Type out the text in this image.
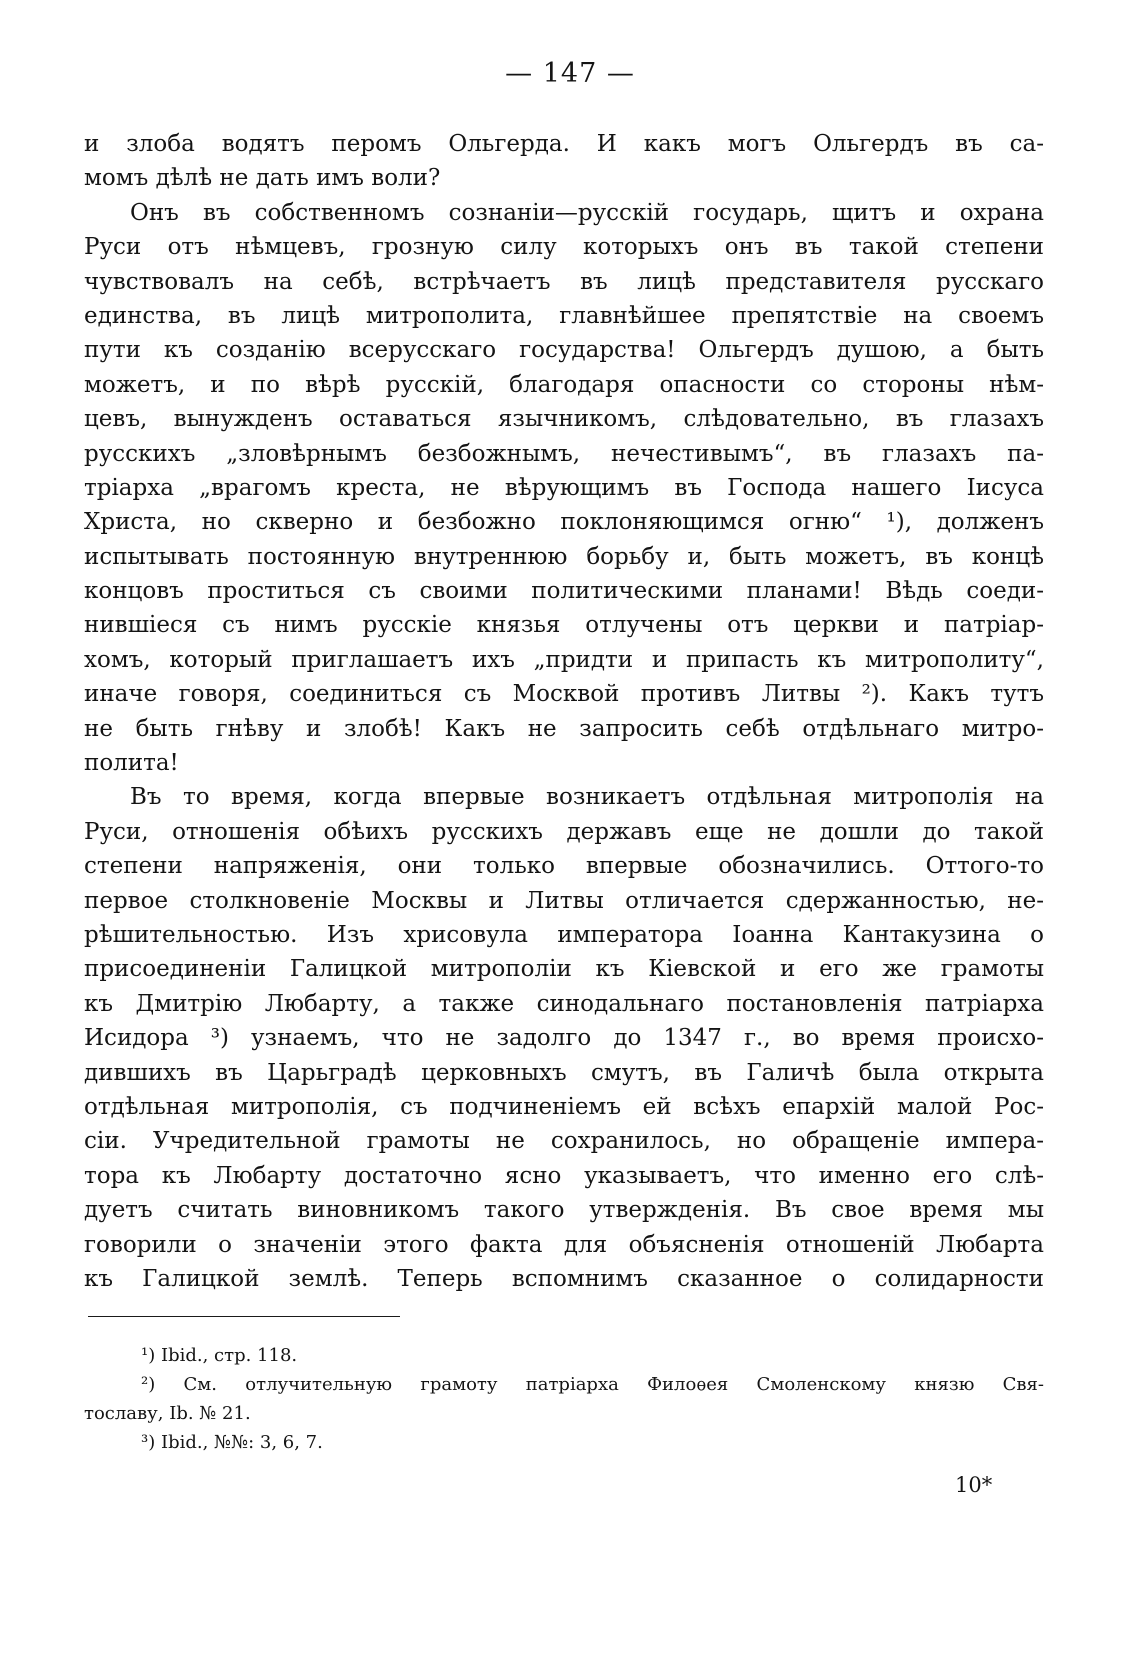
— 147 —
и злоба водятъ перомъ Ольгерда. И какъ могъ Ольгердъ въ са-
момъ дѣлѣ не дать имъ воли?
Онъ въ собственномъ сознаніи—русскій государь, щитъ и охрана
Руси отъ нѣмцевъ, грозную силу которыхъ онъ въ такой степени
чувствовалъ на себѣ, встрѣчаетъ въ лицѣ представителя русскаго
единства, въ лицѣ митрополита, главнѣйшее препятствіе на своемъ
пути къ созданію всерусскаго государства! Ольгердъ душою, а быть
можетъ, и по вѣрѣ русскій, благодаря опасности со стороны нѣм-
цевъ, вынужденъ оставаться язычникомъ, слѣдовательно, въ глазахъ
русскихъ „зловѣрнымъ безбожнымъ, нечестивымъ“, въ глазахъ па-
тріарха „врагомъ креста, не вѣрующимъ въ Господа нашего Іисуса
Христа, но скверно и безбожно поклоняющимся огню“ ¹), долженъ
испытывать постоянную внутреннюю борьбу и, быть можетъ, въ концѣ
концовъ проститься съ своими политическими планами! Вѣдь соеди-
нившіеся съ нимъ русскіе князья отлучены отъ церкви и патріар-
хомъ, который приглашаетъ ихъ „придти и припасть къ митрополиту“,
иначе говоря, соединиться съ Москвой противъ Литвы ²). Какъ тутъ
не быть гнѣву и злобѣ! Какъ не запросить себѣ отдѣльнаго митро-
полита!
Въ то время, когда впервые возникаетъ отдѣльная митрополія на
Руси, отношенія обѣихъ русскихъ державъ еще не дошли до такой
степени напряженія, они только впервые обозначились. Оттого-то
первое столкновеніе Москвы и Литвы отличается сдержанностью, не-
рѣшительностью. Изъ хрисовула императора Іоанна Кантакузина о
присоединеніи Галицкой митрополіи къ Кіевской и его же грамоты
къ Дмитрію Любарту, а также синодальнаго постановленія патріарха
Исидора ³) узнаемъ, что не задолго до 1347 г., во время происхо-
дившихъ въ Царьградѣ церковныхъ смутъ, въ Галичѣ была открыта
отдѣльная митрополія, съ подчиненіемъ ей всѣхъ епархій малой Рос-
сіи. Учредительной грамоты не сохранилось, но обращеніе импера-
тора къ Любарту достаточно ясно указываетъ, что именно его слѣ-
дуетъ считать виновникомъ такого утвержденія. Въ свое время мы
говорили о значеніи этого факта для объясненія отношеній Любарта
къ Галицкой землѣ. Теперь вспомнимъ сказанное о солидарности
¹) Ibid., стр. 118.
²) См. отлучительную грамоту патріарха Филоѳея Смоленскому князю Свя-
тославу, Ib. № 21.
³) Ibid., №№: 3, 6, 7.
10*
